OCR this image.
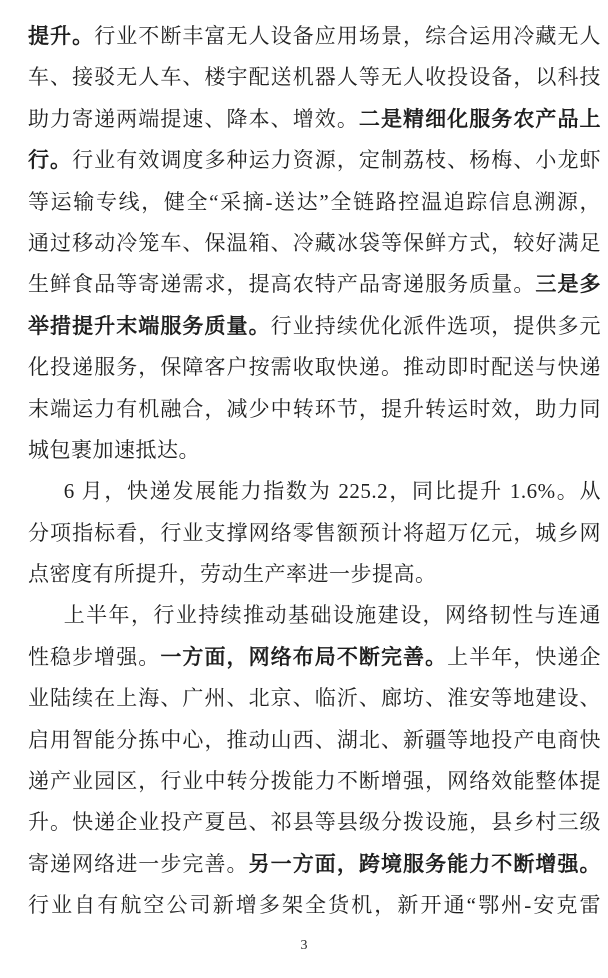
提升。行业不断丰富无人设备应用场景，综合运用冷藏无人
车、接驳无人车、楼宇配送机器人等无人收投设备，以科技
助力寄递两端提速、降本、增效。二是精细化服务农产品上
行。行业有效调度多种运力资源，定制荔枝、杨梅、小龙虾
等运输专线，健全“采摘-送达”全链路控温追踪信息溯源，
通过移动冷笼车、保温箱、冷藏冰袋等保鲜方式，较好满足
生鲜食品等寄递需求，提高农特产品寄递服务质量。三是多
举措提升末端服务质量。行业持续优化派件选项，提供多元
化投递服务，保障客户按需收取快递。推动即时配送与快递
末端运力有机融合，减少中转环节，提升转运时效，助力同
城包裹加速抵达。
6 月，快递发展能力指数为 225.2，同比提升 1.6%。从
分项指标看，行业支撑网络零售额预计将超万亿元，城乡网
点密度有所提升，劳动生产率进一步提高。
上半年，行业持续推动基础设施建设，网络韧性与连通
性稳步增强。一方面，网络布局不断完善。上半年，快递企
业陆续在上海、广州、北京、临沂、廊坊、淮安等地建设、
启用智能分拣中心，推动山西、湖北、新疆等地投产电商快
递产业园区，行业中转分拨能力不断增强，网络效能整体提
升。快递企业投产夏邑、祁县等县级分拨设施，县乡村三级
寄递网络进一步完善。另一方面，跨境服务能力不断增强。
行业自有航空公司新增多架全货机，新开通“鄂州-安克雷
3
